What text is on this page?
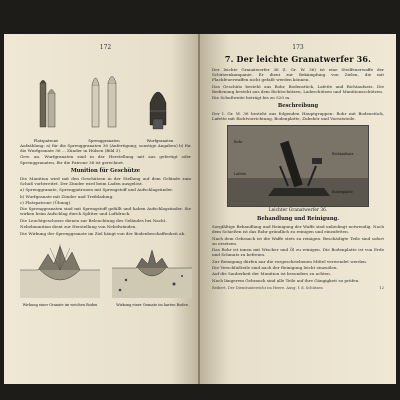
172
Platzpatrone	Sprenggranaten	Wurfgranaten

Aufzählung: a) für die Sprenggranaten 36 (Anfertigung; sonstige Angaben) b) für die Wurfgranate 36 ... Zünder in Hülsen (Bild 3).

Gew. an. Wurfgranaten sind in der Herstellung mit aus gefertigt oder Sprenggranaten, für die Patrone 36 ist gerechnet.

Munition für Geschütze

Die Munition wird mit den Geschützen in der Stellung auf dem Gelände zum Schuß vorbereitet. Der Zünder wird beim Laden ausgelöst.

a) Sprenggranate, Sprengpatronen mit Sprengstoff und Aufschlagzünder.

b) Wurfgranate mit Zünder und Treibladung.

c) Platzpatrone (Übung).

Die Sprenggranaten sind mit Sprengstoff gefüllt und haben Aufschlagzünder. Sie wirken beim Aufschlag durch Splitter und Luftdruck.

Die Leuchtgeschosse dienen zur Beleuchtung des Geländes bei Nacht.

Nebelmunition dient zur Herstellung von Nebelwänden.

Die Wirkung der Sprenggranate im Ziel hängt von der Bodenbeschaffenheit ab.

Wirkung einer Granate im weichen Boden	Wirkung einer Granate im harten Boden
173
7. Der leichte Granatwerfer 36.

Der leichte Granatwerfer 36 (l. Gr. W. 36) ist eine Steilfeuerwaffe der Schützenkompanie. Er dient zur Bekämpfung von Zielen, die mit Flachfeuerwaffen nicht gefaßt werden können.

Das Geschütz besteht aus Rohr, Bodenstück, Lafette und Richtaufsatz. Die Bedienung besteht aus dem Richtschützen, Ladeschützen und Munitionsschützen.

Die Schußweite beträgt bis zu 520 m.

Beschreibung

Der l. Gr. W. 36 besteht aus folgenden Hauptgruppen: Rohr mit Bodenstück, Lafette mit Richtvorrichtung, Bodenplatte, Zubehör und Vorratsteile.

Rohr
Richtaufsatz
Lafette
Bodenplatte
Leichter Granatwerfer 36.
Behandlung und Reinigung.

Sorgfältige Behandlung und Reinigung der Waffe sind unbedingt notwendig. Nach dem Schießen ist das Rohr gründlich zu reinigen und einzufetten.

Nach dem Gebrauch ist die Waffe stets zu reinigen. Beschädigte Teile sind sofort zu ersetzen.

Das Rohr ist innen mit Wischer und Öl zu reinigen. Die Bodenplatte ist von Erde und Schmutz zu befreien.

Zur Reinigung dürfen nur die vorgeschriebenen Mittel verwendet werden.

Die Verschlußteile sind nach der Reinigung leicht einzuölen.

Auf die Sauberkeit der Munition ist besonders zu achten.

Nach längerem Gebrauch sind alle Teile auf ihre Gängigkeit zu prüfen.

Reibert, Der Dienstunterricht im Heere. Ausg. f. d. Schützen	12
